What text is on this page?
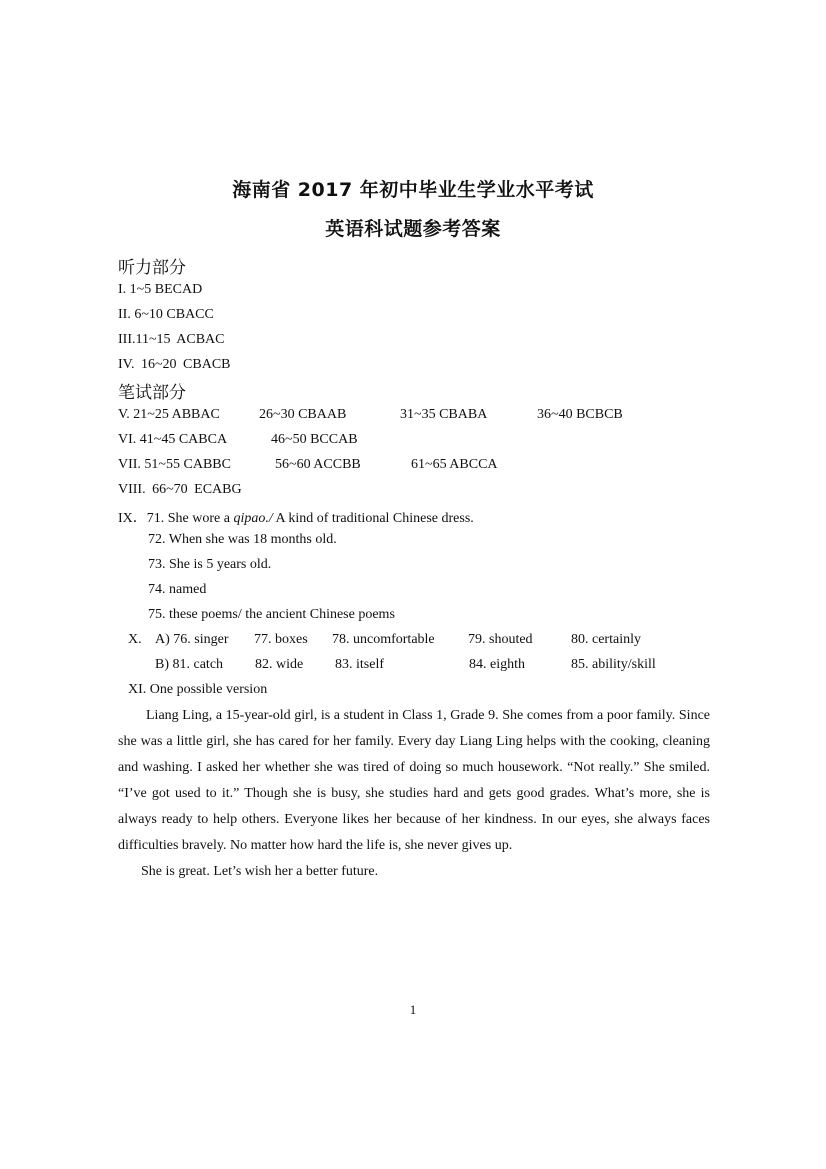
海南省 2017 年初中毕业生学业水平考试
英语科试题参考答案
听力部分
I. 1~5 BECAD
II. 6~10 CBACC
III.11~15 ACBAC
IV. 16~20 CBACB
笔试部分
V. 21~25 ABBAC	26~30 CBAAB	31~35 CBABA	36~40 BCBCB
VI. 41~45 CABCA	46~50 BCCAB
VII. 51~55 CABBC	56~60 ACCBB	61~65 ABCCA
VIII. 66~70 ECABG
IX．71. She wore a qipao./ A kind of traditional Chinese dress.
72. When she was 18 months old.
73. She is 5 years old.
74. named
75. these poems/ the ancient Chinese poems
X. A) 76. singer 77. boxes 78. uncomfortable 79. shouted	80. certainly
B) 81. catch 82. wide 83. itself	84. eighth	85. ability/skill
XI. One possible version
Liang Ling, a 15-year-old girl, is a student in Class 1, Grade 9. She comes from a poor family. Since she was a little girl, she has cared for her family. Every day Liang Ling helps with the cooking, cleaning and washing. I asked her whether she was tired of doing so much housework. “Not really.” She smiled. “I’ve got used to it.” Though she is busy, she studies hard and gets good grades. What’s more, she is always ready to help others. Everyone likes her because of her kindness. In our eyes, she always faces difficulties bravely. No matter how hard the life is, she never gives up.
She is great. Let’s wish her a better future.
1
